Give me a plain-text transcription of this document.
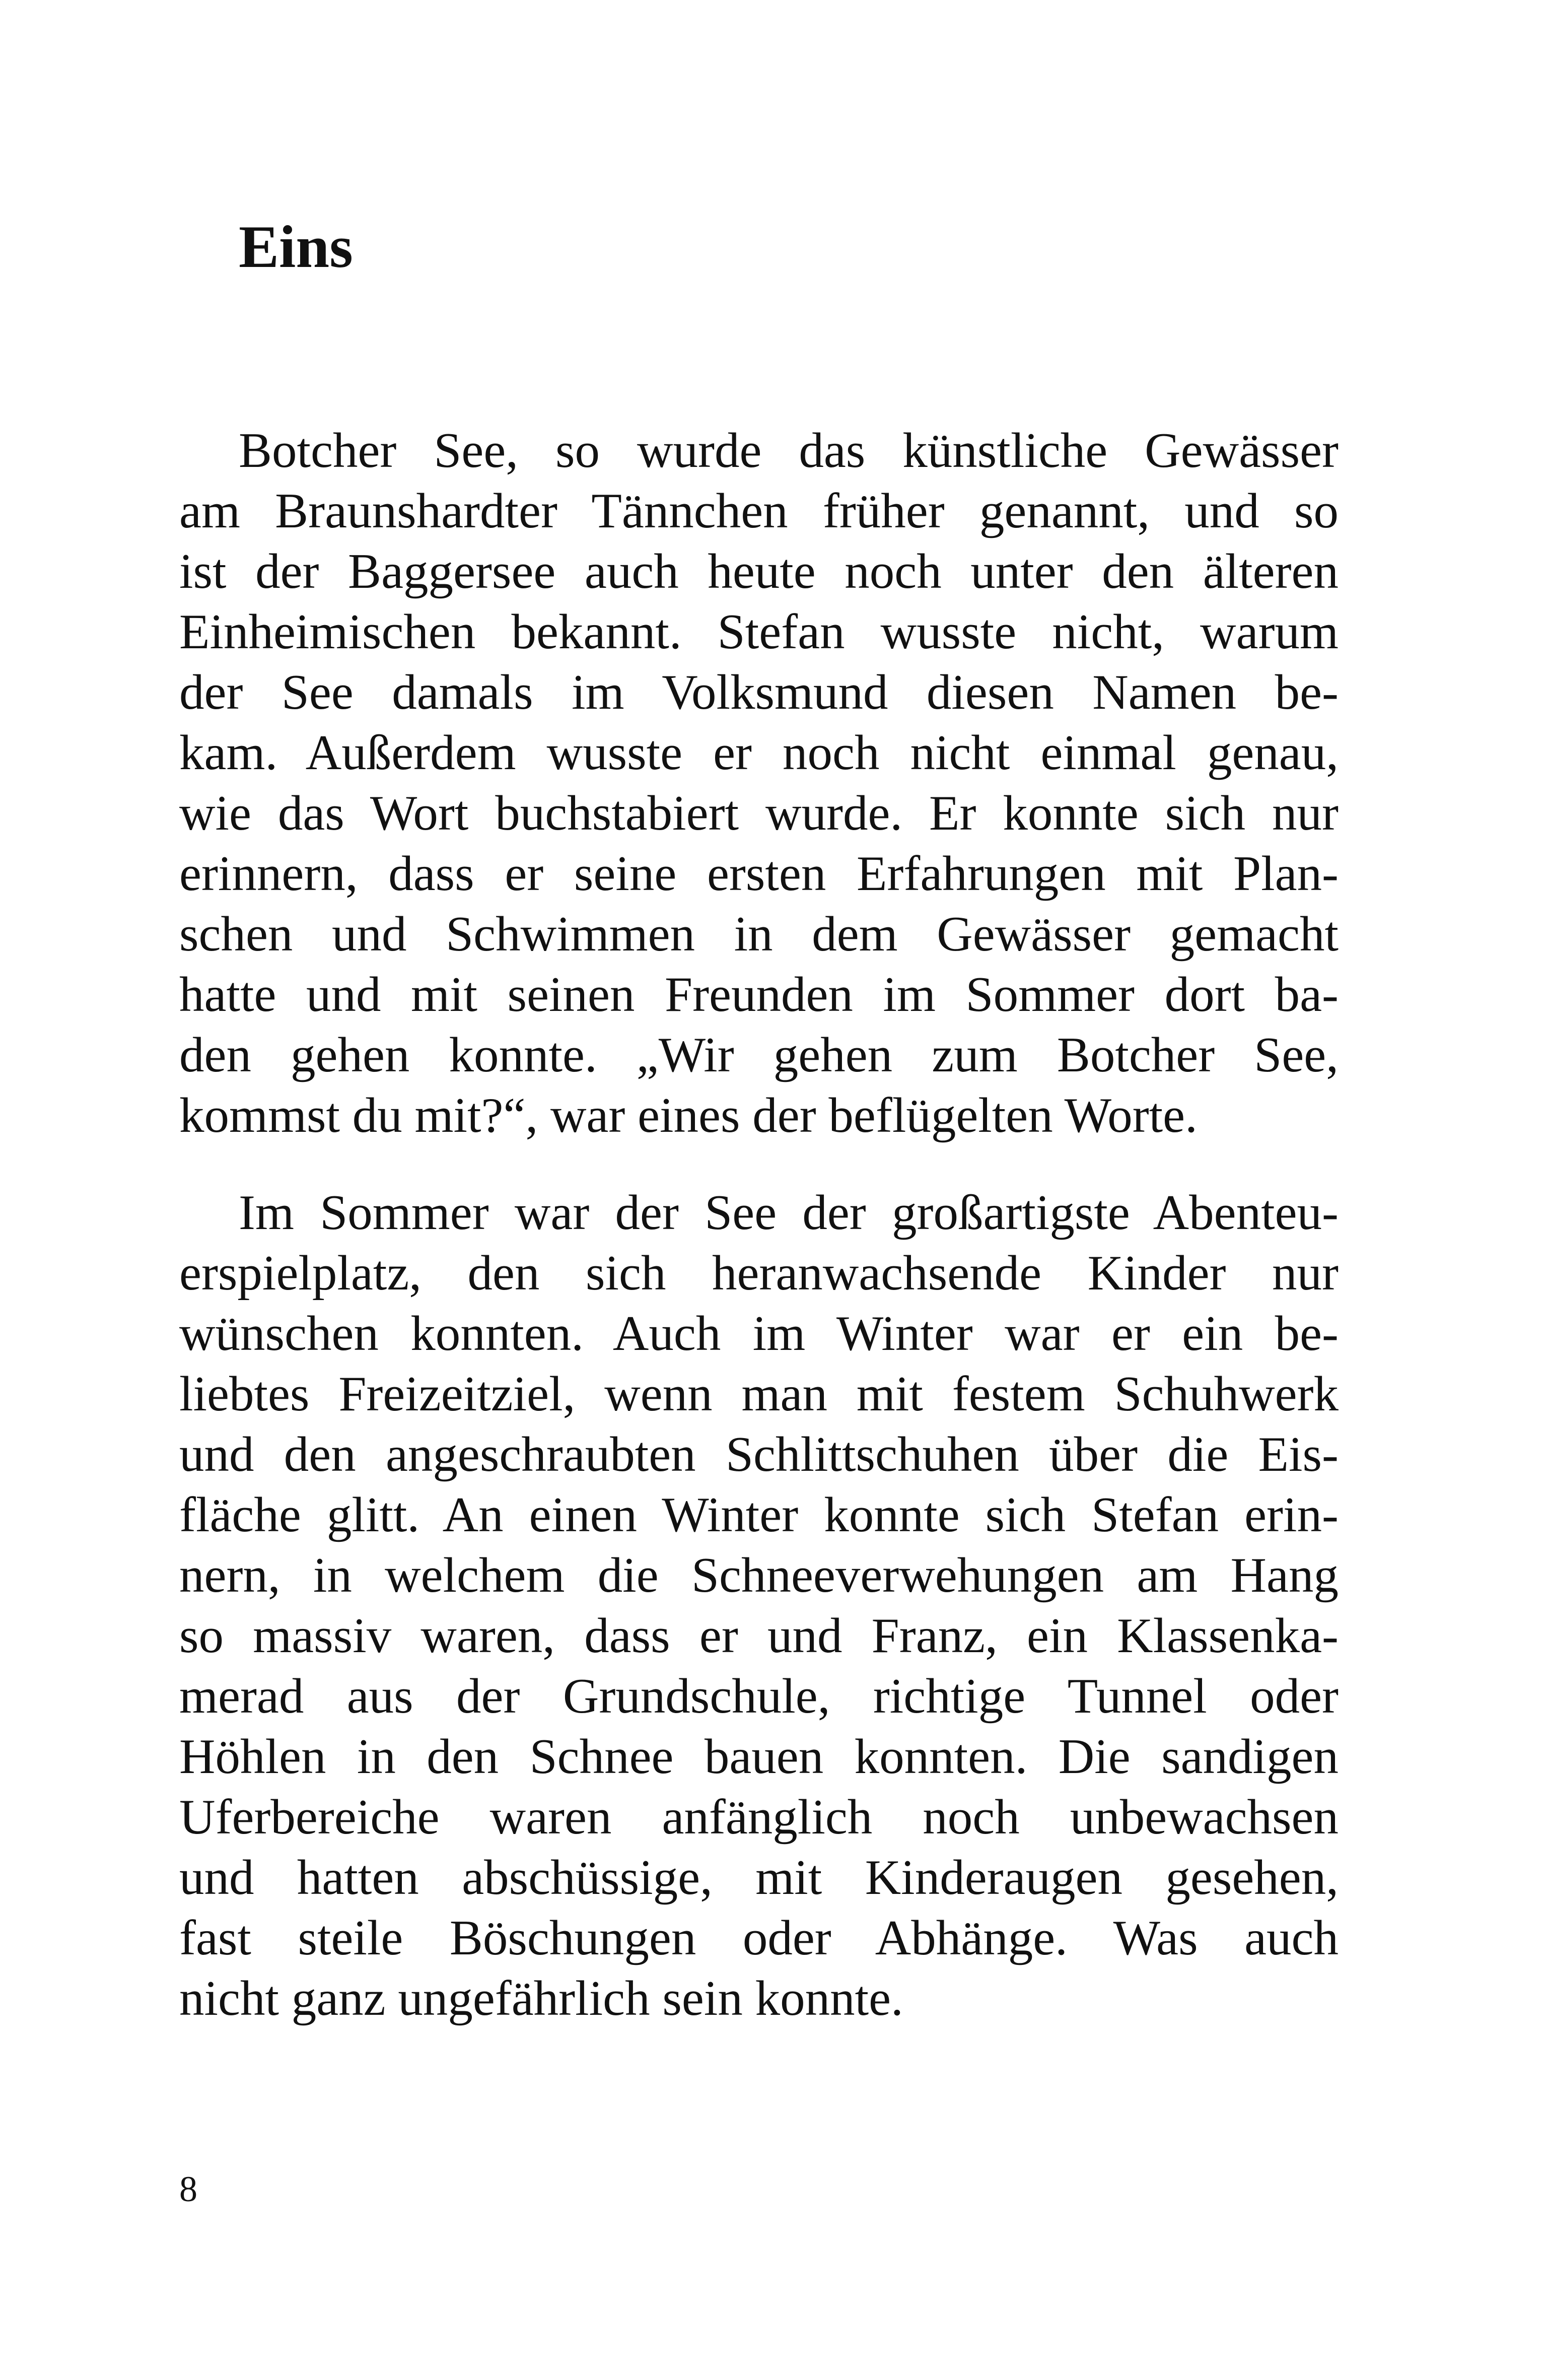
Eins
Botcher See, so wurde das künstliche Gewässer
am Braunshardter Tännchen früher genannt, und so
ist der Baggersee auch heute noch unter den älteren
Einheimischen bekannt. Stefan wusste nicht, warum
der See damals im Volksmund diesen Namen be-
kam. Außerdem wusste er noch nicht einmal genau,
wie das Wort buchstabiert wurde. Er konnte sich nur
erinnern, dass er seine ersten Erfahrungen mit Plan-
schen und Schwimmen in dem Gewässer gemacht
hatte und mit seinen Freunden im Sommer dort ba-
den gehen konnte. „Wir gehen zum Botcher See,
kommst du mit?“, war eines der beflügelten Worte.
Im Sommer war der See der großartigste Abenteu-
erspielplatz, den sich heranwachsende Kinder nur
wünschen konnten. Auch im Winter war er ein be-
liebtes Freizeitziel, wenn man mit festem Schuhwerk
und den angeschraubten Schlittschuhen über die Eis-
fläche glitt. An einen Winter konnte sich Stefan erin-
nern, in welchem die Schneeverwehungen am Hang
so massiv waren, dass er und Franz, ein Klassenka-
merad aus der Grundschule, richtige Tunnel oder
Höhlen in den Schnee bauen konnten. Die sandigen
Uferbereiche waren anfänglich noch unbewachsen
und hatten abschüssige, mit Kinderaugen gesehen,
fast steile Böschungen oder Abhänge. Was auch
nicht ganz ungefährlich sein konnte.
8
